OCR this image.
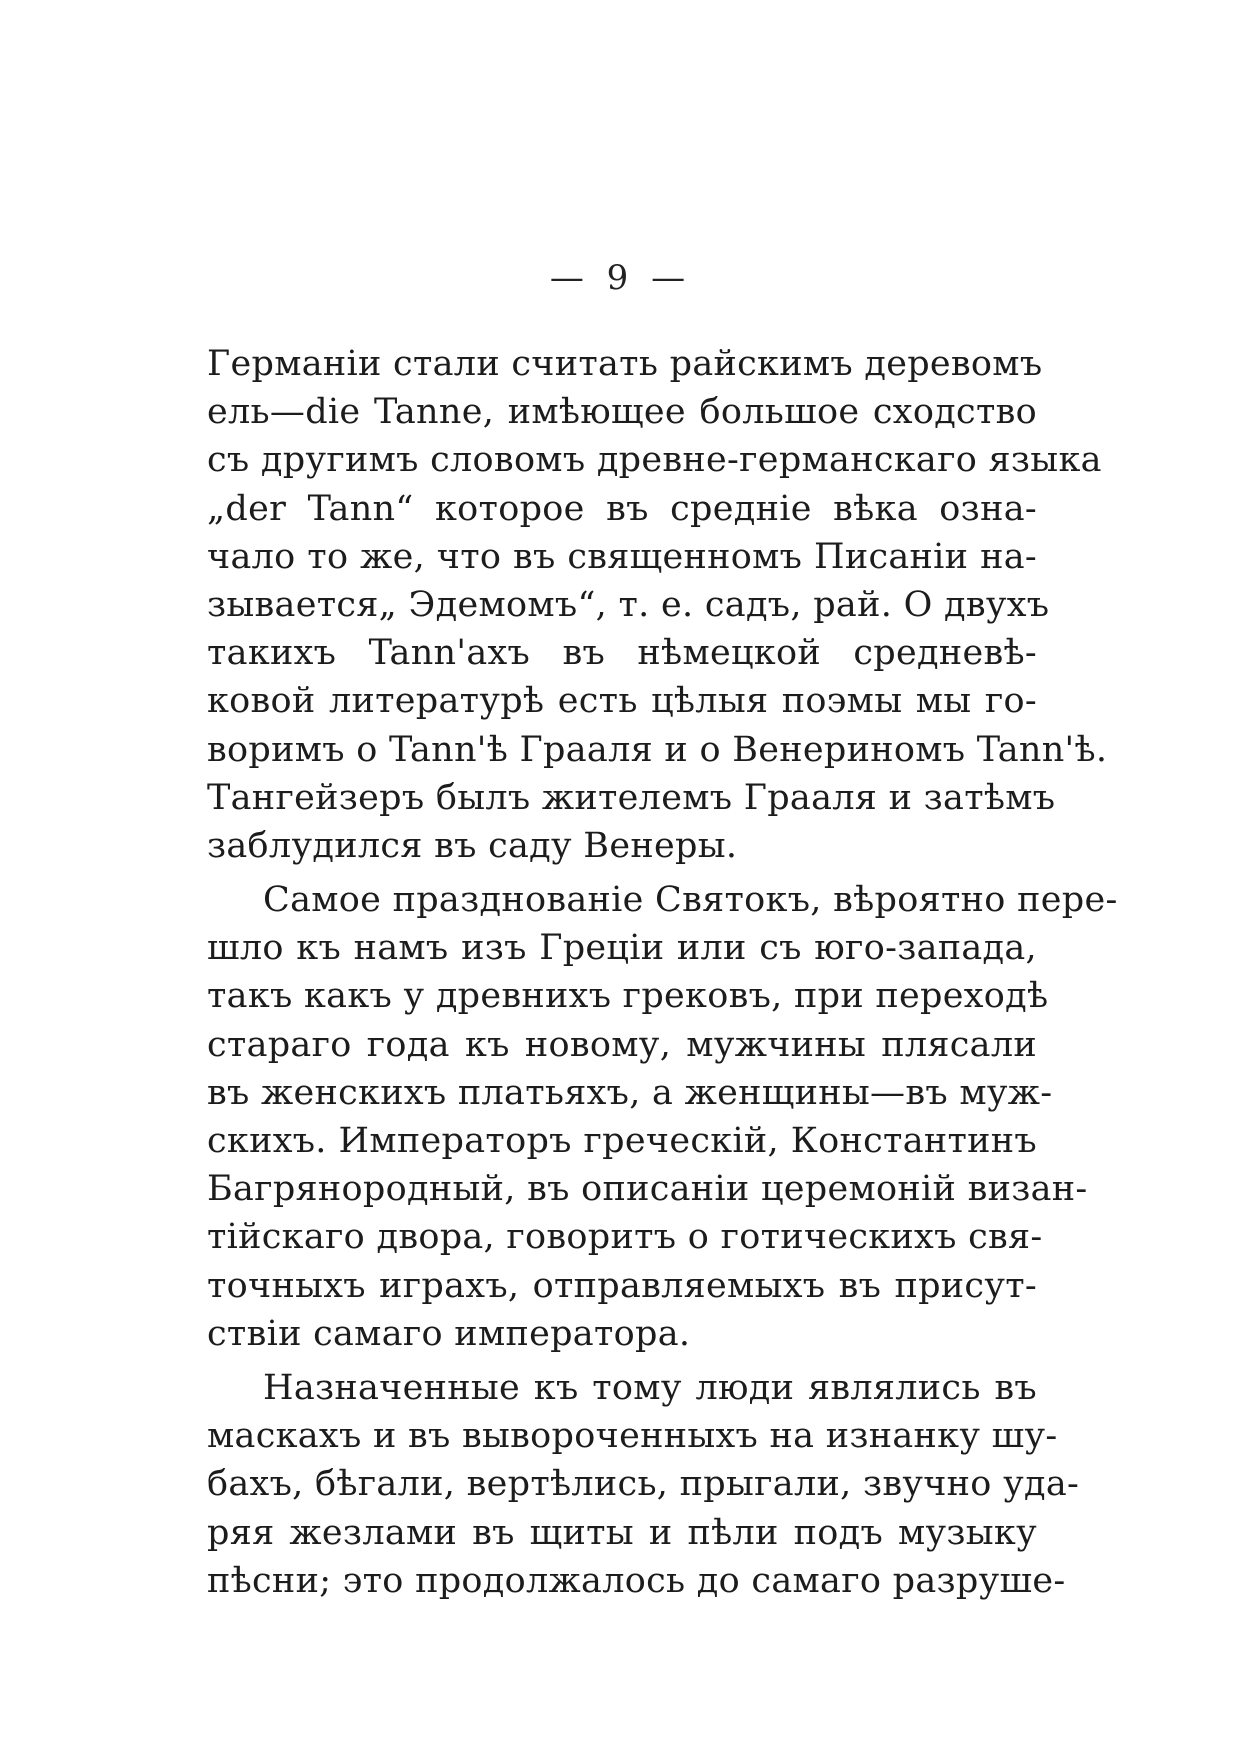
— 9 —
Германіи стали считать райскимъ деревомъ
ель—die Tanne, имѣющее большое сходство
съ другимъ словомъ древне-германскаго языка
„der Tann“ которое въ средніе вѣка озна-
чало то же, что въ священномъ Писаніи на-
зывается„ Эдемомъ“, т. е. садъ, рай. О двухъ
такихъ Tann'ахъ въ нѣмецкой средневѣ-
ковой литературѣ есть цѣлыя поэмы мы го-
воримъ о Tann'ѣ Грааля и о Венериномъ Tann'ѣ.
Тангейзеръ былъ жителемъ Грааля и затѣмъ
заблудился въ саду Венеры.
Самое празднованіе Святокъ, вѣроятно пере-
шло къ намъ изъ Греціи или съ юго-запада,
такъ какъ у древнихъ грековъ, при переходѣ
стараго года къ новому, мужчины плясали
въ женскихъ платьяхъ, а женщины—въ муж-
скихъ. Императоръ греческій, Константинъ
Багрянородный, въ описаніи церемоній визан-
тійскаго двора, говоритъ о готическихъ свя-
точныхъ играхъ, отправляемыхъ въ присут-
ствіи самаго императора.
Назначенные къ тому люди являлись въ
маскахъ и въ вывороченныхъ на изнанку шу-
бахъ, бѣгали, вертѣлись, прыгали, звучно уда-
ряя жезлами въ щиты и пѣли подъ музыку
пѣсни; это продолжалось до самаго разруше-
